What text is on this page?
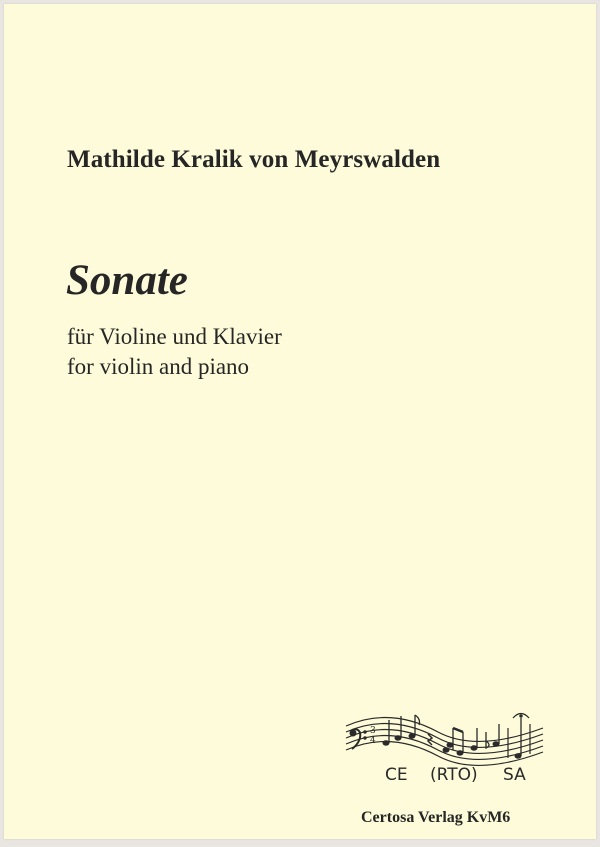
Mathilde Kralik von Meyrswalden
Sonate
für Violine und Klavier
for violin and piano
3
4
CE (RTO) SA
Certosa Verlag KvM6
